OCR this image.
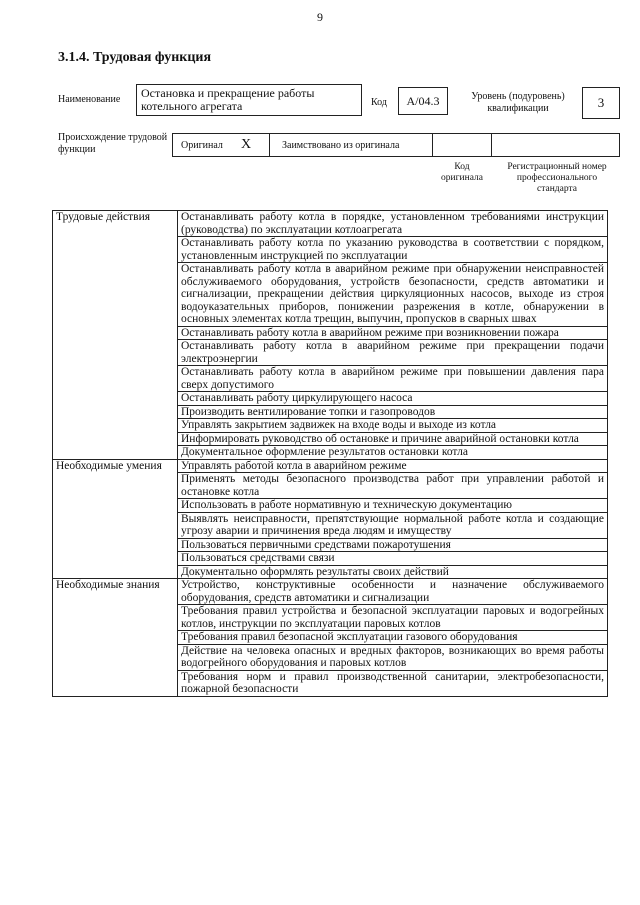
9
3.1.4. Трудовая функция
Наименование	Остановка и прекращение работы котельного агрегата	Код	А/04.3	Уровень (подуровень) квалификации	3
Происхождение трудовой функции	Оригинал X	Заимствовано из оригинала
Код оригинала
Регистрационный номер профессионального стандарта
Трудовые действия	Останавливать работу котла в порядке, установленном требованиями инструкции (руководства) по эксплуатации котлоагрегата
	Останавливать работу котла по указанию руководства в соответствии с порядком, установленным инструкцией по эксплуатации
	Останавливать работу котла в аварийном режиме при обнаружении неисправностей обслуживаемого оборудования, устройств безопасности, средств автоматики и сигнализации, прекращении действия циркуляционных насосов, выходе из строя водоуказательных приборов, понижении разрежения в котле, обнаружении в основных элементах котла трещин, выпучин, пропусков в сварных швах
	Останавливать работу котла в аварийном режиме при возникновении пожара
	Останавливать работу котла в аварийном режиме при прекращении подачи электроэнергии
	Останавливать работу котла в аварийном режиме при повышении давления пара сверх допустимого
	Останавливать работу циркулирующего насоса
	Производить вентилирование топки и газопроводов
	Управлять закрытием задвижек на входе воды и выходе из котла
	Информировать руководство об остановке и причине аварийной остановки котла
	Документальное оформление результатов остановки котла
Необходимые умения	Управлять работой котла в аварийном режиме
	Применять методы безопасного производства работ при управлении работой и остановке котла
	Использовать в работе нормативную и техническую документацию
	Выявлять неисправности, препятствующие нормальной работе котла и создающие угрозу аварии и причинения вреда людям и имуществу
	Пользоваться первичными средствами пожаротушения
	Пользоваться средствами связи
	Документально оформлять результаты своих действий
Необходимые знания	Устройство, конструктивные особенности и назначение обслуживаемого оборудования, средств автоматики и сигнализации
	Требования правил устройства и безопасной эксплуатации паровых и водогрейных котлов, инструкции по эксплуатации паровых котлов
	Требования правил безопасной эксплуатации газового оборудования
	Действие на человека опасных и вредных факторов, возникающих во время работы водогрейного оборудования и паровых котлов
	Требования норм и правил производственной санитарии, электробезопасности, пожарной безопасности
